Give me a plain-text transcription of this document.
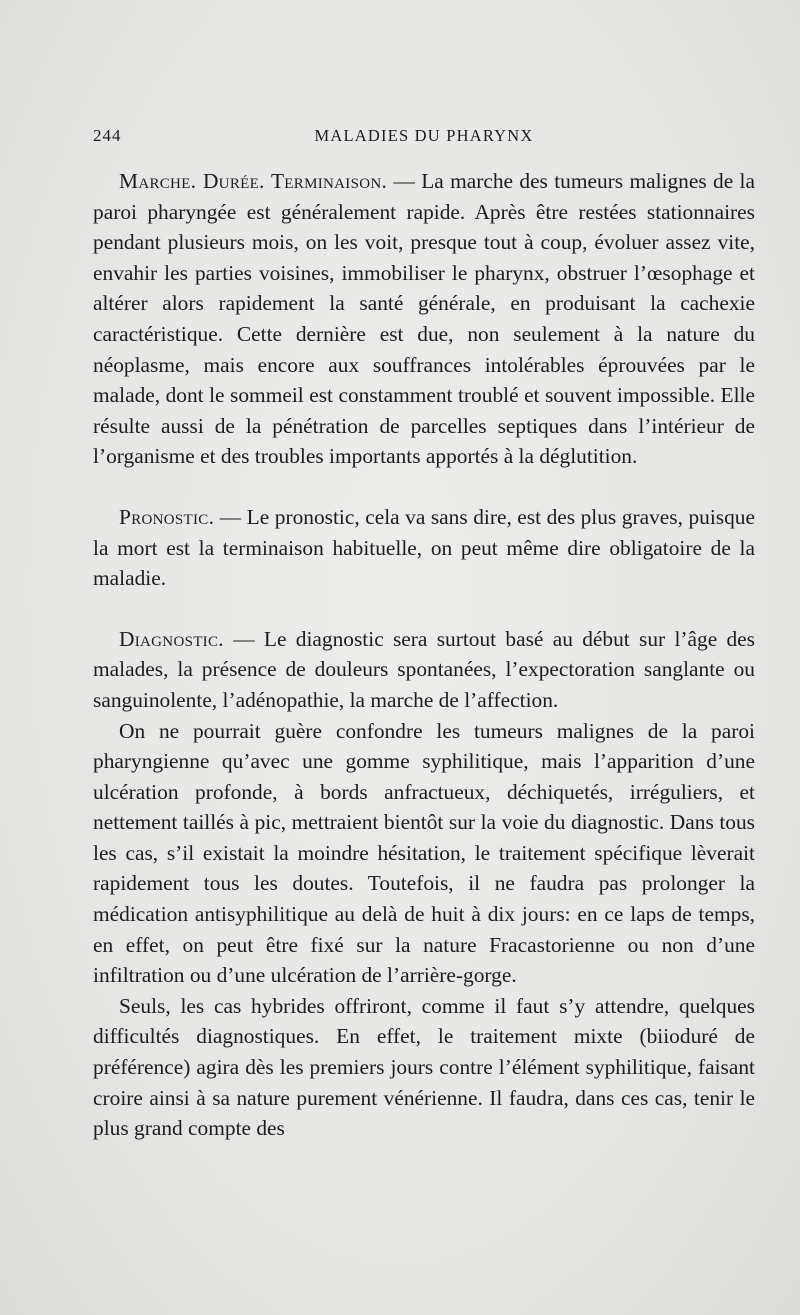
244	MALADIES DU PHARYNX

Marche. Durée. Terminaison. — La marche des tumeurs malignes de la paroi pharyngée est généralement rapide. Après être restées stationnaires pendant plusieurs mois, on les voit, presque tout à coup, évoluer assez vite, envahir les parties voisines, immobiliser le pharynx, obstruer l’œsophage et altérer alors rapidement la santé générale, en produisant la cachexie caractéristique. Cette dernière est due, non seulement à la nature du néoplasme, mais encore aux souffrances intolérables éprouvées par le malade, dont le sommeil est constamment troublé et souvent impossible. Elle résulte aussi de la pénétration de parcelles septiques dans l’intérieur de l’organisme et des troubles importants apportés à la déglutition.

Pronostic. — Le pronostic, cela va sans dire, est des plus graves, puisque la mort est la terminaison habituelle, on peut même dire obligatoire de la maladie.

Diagnostic. — Le diagnostic sera surtout basé au début sur l’âge des malades, la présence de douleurs spontanées, l’expectoration sanglante ou sanguinolente, l’adénopathie, la marche de l’affection.

On ne pourrait guère confondre les tumeurs malignes de la paroi pharyngienne qu’avec une gomme syphilitique, mais l’apparition d’une ulcération profonde, à bords anfractueux, déchiquetés, irréguliers, et nettement taillés à pic, mettraient bientôt sur la voie du diagnostic. Dans tous les cas, s’il existait la moindre hésitation, le traitement spécifique lèverait rapidement tous les doutes. Toutefois, il ne faudra pas prolonger la médication antisyphilitique au delà de huit à dix jours: en ce laps de temps, en effet, on peut être fixé sur la nature Fracastorienne ou non d’une infiltration ou d’une ulcération de l’arrière-gorge.

Seuls, les cas hybrides offriront, comme il faut s’y attendre, quelques difficultés diagnostiques. En effet, le traitement mixte (biioduré de préférence) agira dès les premiers jours contre l’élément syphilitique, faisant croire ainsi à sa nature purement vénérienne. Il faudra, dans ces cas, tenir le plus grand compte des
